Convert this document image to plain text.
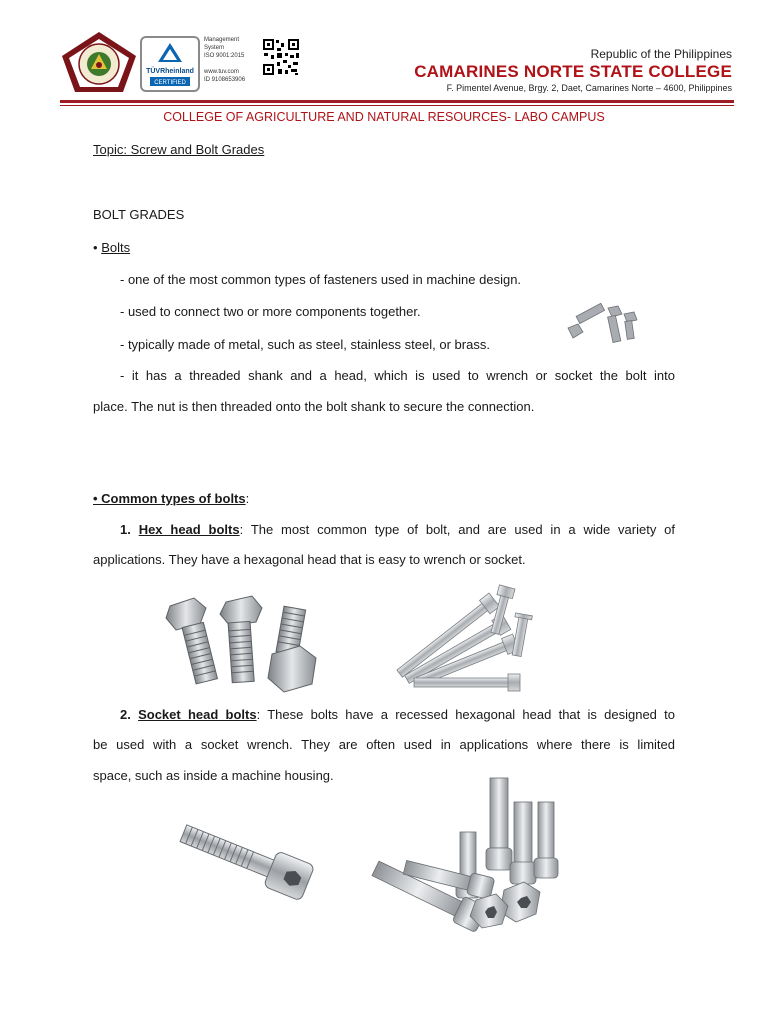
TÜVRheinland
CERTIFIED
Management
System
ISO 9001:2015

www.tuv.com
ID 9108653906
Republic of the Philippines
CAMARINES NORTE STATE COLLEGE
F. Pimentel Avenue, Brgy. 2, Daet, Camarines Norte – 4600, Philippines
COLLEGE OF AGRICULTURE AND NATURAL RESOURCES- LABO CAMPUS
Topic: Screw and Bolt Grades
BOLT GRADES
• Bolts
- one of the most common types of fasteners used in machine design.
- used to connect two or more components together.
- typically made of metal, such as steel, stainless steel, or brass.
- it has a threaded shank and a head, which is used to wrench or socket the bolt into
place. The nut is then threaded onto the bolt shank to secure the connection.
• Common types of bolts:
1. Hex head bolts: The most common type of bolt, and are used in a wide variety of
applications. They have a hexagonal head that is easy to wrench or socket.
2. Socket head bolts: These bolts have a recessed hexagonal head that is designed to
be used with a socket wrench. They are often used in applications where there is limited
space, such as inside a machine housing.
